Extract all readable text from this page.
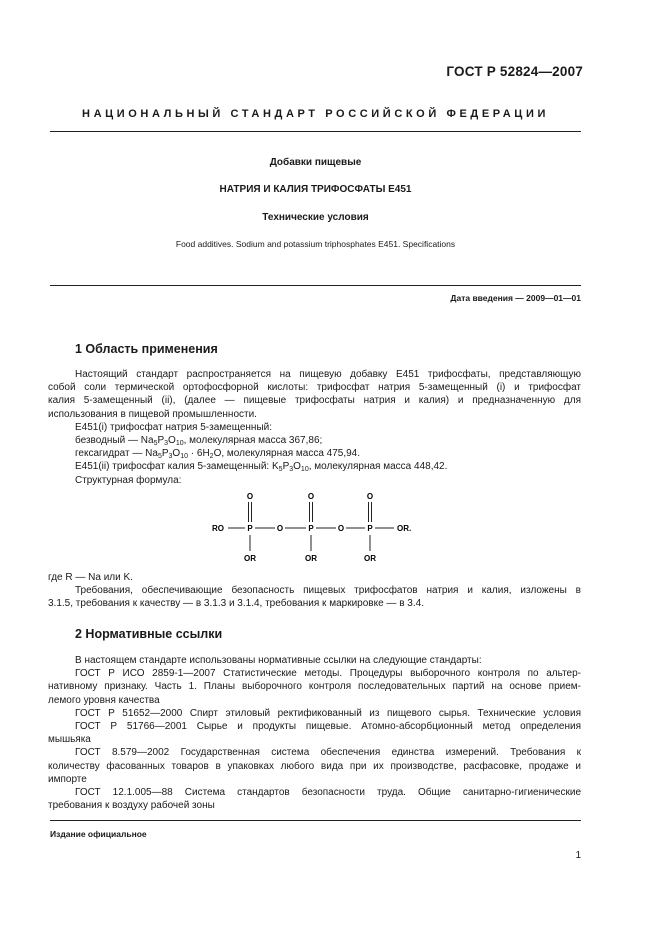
ГОСТ Р 52824—2007
НАЦИОНАЛЬНЫЙ СТАНДАРТ РОССИЙСКОЙ ФЕДЕРАЦИИ
Добавки пищевые
НАТРИЯ И КАЛИЯ ТРИФОСФАТЫ Е451
Технические условия
Food additives. Sodium and potassium triphosphates E451. Specifications
Дата введения — 2009—01—01
1 Область применения
Настоящий стандарт распространяется на пищевую добавку Е451 трифосфаты, представляющую
собой соли термической ортофосфорной кислоты: трифосфат натрия 5-замещенный (i) и трифосфат
калия 5-замещенный (ii), (далее — пищевые трифосфаты натрия и калия) и предназначенную для
использования в пищевой промышленности.
Е451(i) трифосфат натрия 5-замещенный:
безводный — $Na_5P_3O_{10}$, молекулярная масса 367,86;
гексагидрат — $Na_5P_3O_{10} \cdot 6H_2O$, молекулярная масса 475,94.
Е451(ii) трифосфат калия 5-замещенный: $K_5P_3O_{10}$, молекулярная масса 448,42.
Структурная формула:
O	O	O
RO	P	O	P	O	P	OR.
OR	OR	OR
где R — Na или K.
Требования, обеспечивающие безопасность пищевых трифосфатов натрия и калия, изложены в
3.1.5, требования к качеству — в 3.1.3 и 3.1.4, требования к маркировке — в 3.4.
2 Нормативные ссылки
В настоящем стандарте использованы нормативные ссылки на следующие стандарты:
ГОСТ Р ИСО 2859-1—2007 Статистические методы. Процедуры выборочного контроля по альтер-
нативному признаку. Часть 1. Планы выборочного контроля последовательных партий на основе прием-
лемого уровня качества
ГОСТ Р 51652—2000 Спирт этиловый ректификованный из пищевого сырья. Технические условия
ГОСТ Р 51766—2001 Сырье и продукты пищевые. Атомно-абсорбционный метод определения
мышьяка
ГОСТ 8.579—2002 Государственная система обеспечения единства измерений. Требования к
количеству фасованных товаров в упаковках любого вида при их производстве, расфасовке, продаже и
импорте
ГОСТ 12.1.005—88 Система стандартов безопасности труда. Общие санитарно-гигиенические
требования к воздуху рабочей зоны
Издание официальное
1
